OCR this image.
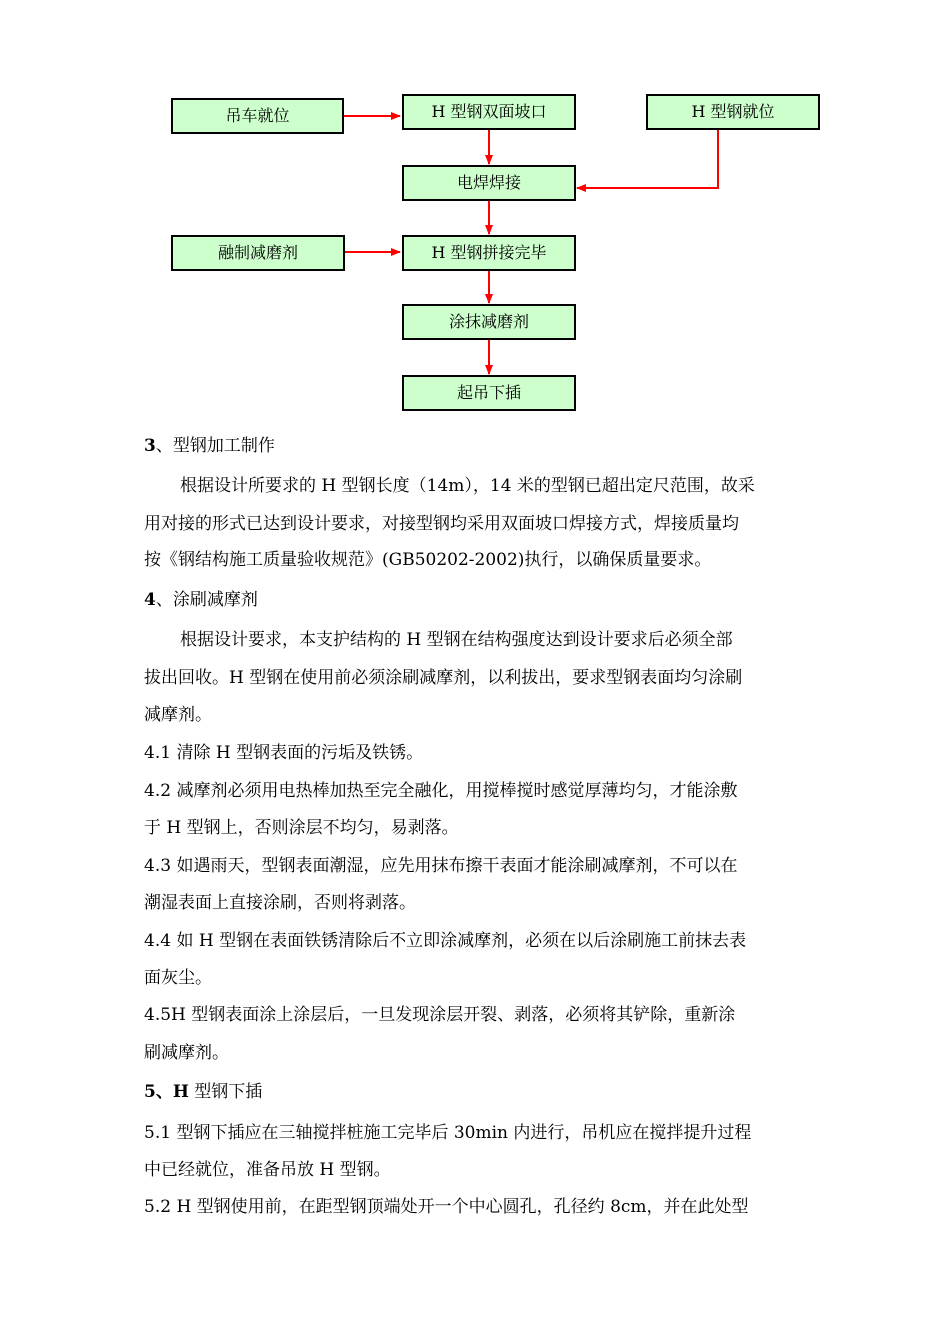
吊车就位	H 型钢双面坡口	H 型钢就位
电焊焊接
融制减磨剂	H 型钢拼接完毕
涂抹减磨剂
起吊下插
3、型钢加工制作
根据设计所要求的 H 型钢长度（14m），14 米的型钢已超出定尺范围，故采
用对接的形式已达到设计要求，对接型钢均采用双面坡口焊接方式，焊接质量均
按《钢结构施工质量验收规范》(GB50202-2002)执行，以确保质量要求。
4、涂刷减摩剂
根据设计要求，本支护结构的 H 型钢在结构强度达到设计要求后必须全部
拔出回收。H 型钢在使用前必须涂刷减摩剂，以利拔出，要求型钢表面均匀涂刷
减摩剂。
4.1 清除 H 型钢表面的污垢及铁锈。
4.2 减摩剂必须用电热棒加热至完全融化，用搅棒搅时感觉厚薄均匀，才能涂敷
于 H 型钢上，否则涂层不均匀，易剥落。
4.3 如遇雨天，型钢表面潮湿，应先用抹布擦干表面才能涂刷减摩剂，不可以在
潮湿表面上直接涂刷，否则将剥落。
4.4 如 H 型钢在表面铁锈清除后不立即涂减摩剂，必须在以后涂刷施工前抹去表
面灰尘。
4.5H 型钢表面涂上涂层后，一旦发现涂层开裂、剥落，必须将其铲除，重新涂
刷减摩剂。
5、H 型钢下插
5.1 型钢下插应在三轴搅拌桩施工完毕后 30min 内进行，吊机应在搅拌提升过程
中已经就位，准备吊放 H 型钢。
5.2 H 型钢使用前，在距型钢顶端处开一个中心圆孔，孔径约 8cm，并在此处型
